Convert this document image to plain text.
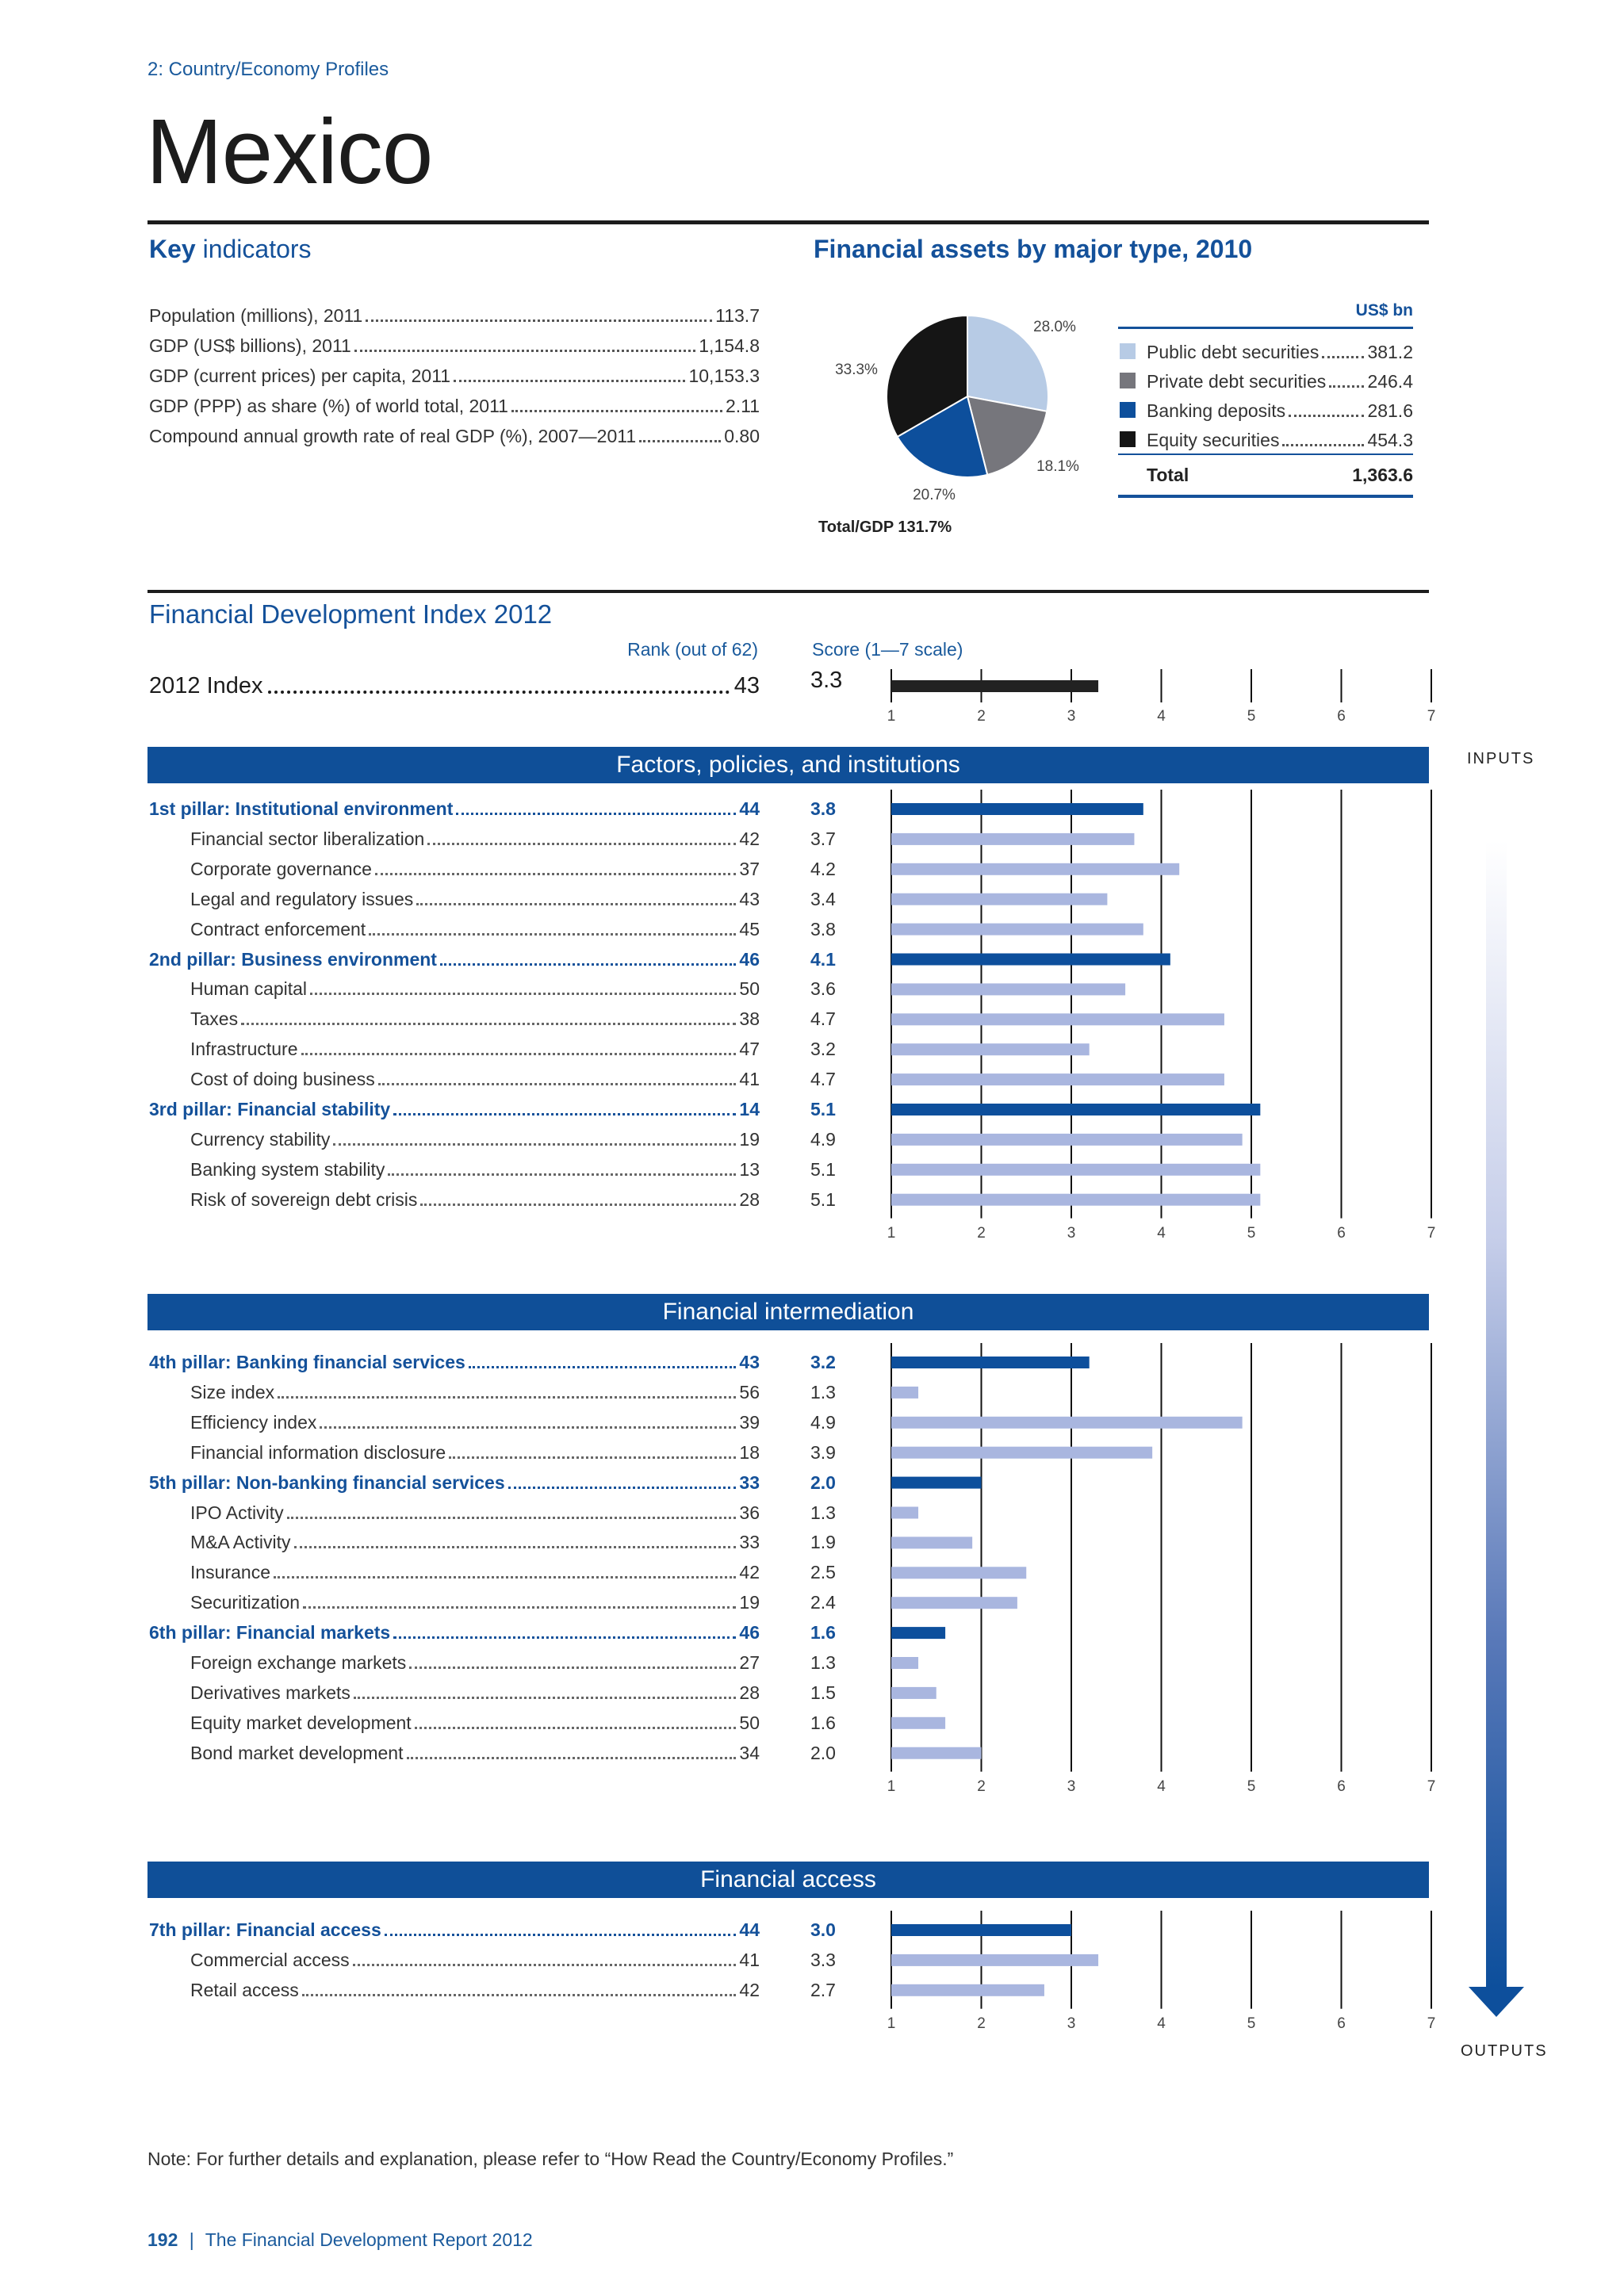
2: Country/Economy Profiles
Mexico
Key indicators
Population (millions), 2011	113.7
GDP (US$ billions), 2011	1,154.8
GDP (current prices) per capita, 2011	10,153.3
GDP (PPP) as share (%) of world total, 2011	2.11
Compound annual growth rate of real GDP (%), 2007—2011	0.80
Financial assets by major type, 2010
28.0%
18.1%
20.7%
33.3%
Total/GDP 131.7%
US$ bn
Public debt securities	381.2
Private debt securities 246.4
Banking deposits	281.6
Equity securities	454.3
Total	1,363.6
Financial Development Index 2012
Rank (out of 62)	Score (1—7 scale)
2012 Index	43 3.3
1	2	3	4	5	6	7
1	2	3	4	5	6	7
1	2	3	4	5	6	7
1	2	3	4	5	6	7
Factors, policies, and institutions
1st pillar: Institutional environment	44	3.8
Financial sector liberalization	42	3.7
Corporate governance	37	4.2
Legal and regulatory issues	43	3.4
Contract enforcement	45	3.8
2nd pillar: Business environment	46	4.1
Human capital	50	3.6
Taxes	38	4.7
Infrastructure	47	3.2
Cost of doing business	41	4.7
3rd pillar: Financial stability	14	5.1
Currency stability	19	4.9
Banking system stability	13	5.1
Risk of sovereign debt crisis	28	5.1
Financial intermediation
4th pillar: Banking financial services	43	3.2
Size index	56	1.3
Efficiency index	39	4.9
Financial information disclosure	18	3.9
5th pillar: Non-banking financial services	33	2.0
IPO Activity	36	1.3
M&A Activity	33	1.9
Insurance	42	2.5
Securitization	19	2.4
6th pillar: Financial markets	46	1.6
Foreign exchange markets	27	1.3
Derivatives markets	28	1.5
Equity market development	50	1.6
Bond market development	34	2.0
Financial access
7th pillar: Financial access	44	3.0
Commercial access	41	3.3
Retail access	42	2.7
INPUTS
OUTPUTS
Note: For further details and explanation, please refer to “How Read the Country/Economy Profiles.”
192 | The Financial Development Report 2012
